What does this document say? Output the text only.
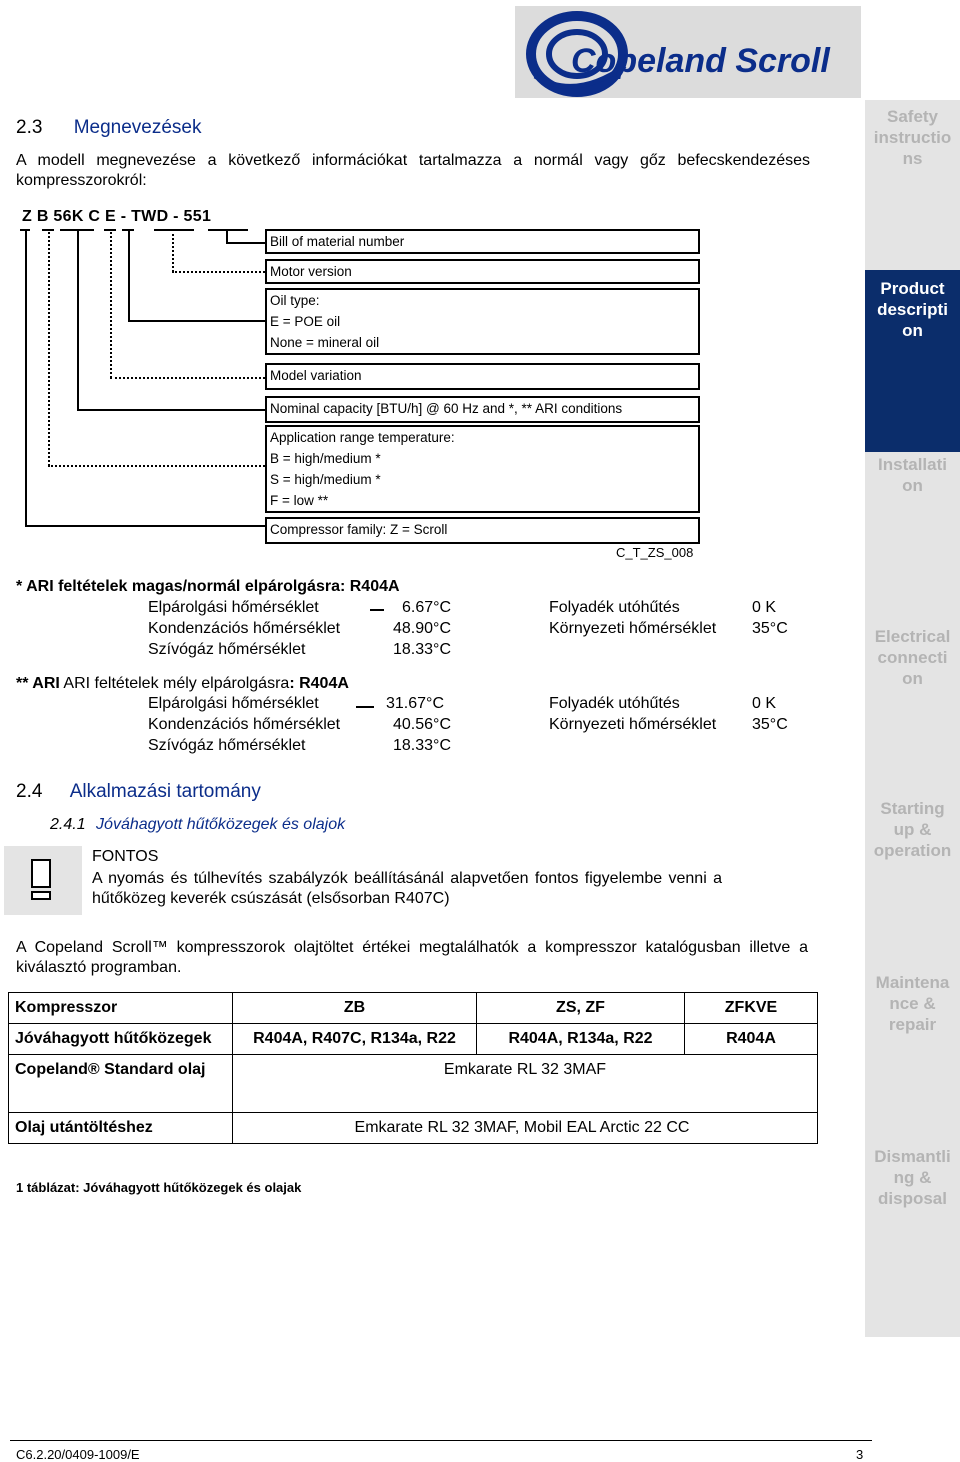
Copeland Scroll
Safety
instructio
ns
Product
descripti
on
Installati
on
Electrical
connecti
on
Starting
up &
operation
Maintena
nce &
repair
Dismantli
ng &
disposal
2.3 Megnevezések
A modell megnevezése a következő információkat tartalmazza a normál vagy gőz befecskendezéses kompresszorokról:
Z B 56K C E - TWD - 551
Bill of material number
Motor version
Oil type:
E = POE oil
None = mineral oil
Model variation
Nominal capacity [BTU/h] @ 60 Hz and *, ** ARI conditions
Application range temperature:
B = high/medium *
S = high/medium *
F = low **
Compressor family: Z = Scroll
C_T_ZS_008
* ARI feltételek magas/normál elpárolgásra: R404A
Elpárolgási hőmérséklet	6.67°C	Folyadék utóhűtés	0 K
Kondenzációs hőmérséklet	48.90°C	Környezeti hőmérséklet 35°C
Szívógáz hőmérséklet	18.33°C
** ARI ARI feltételek mély elpárolgásra: R404A
Elpárolgási hőmérséklet	31.67°C	Folyadék utóhűtés	0 K
Kondenzációs hőmérséklet	40.56°C	Környezeti hőmérséklet 35°C
Szívógáz hőmérséklet	18.33°C
2.4 Alkalmazási tartomány
2.4.1 Jóváhagyott hűtőközegek és olajok
FONTOS
A nyomás és túlhevítés szabályzók beállításánál alapvetően fontos figyelembe venni a hűtőközeg keverék csúszását (elsősorban R407C)
A Copeland Scroll™ kompresszorok olajtöltet értékei megtalálhatók a kompresszor katalógusban illetve a kiválasztó programban.
Kompresszor	ZB	ZS, ZF	ZFKVE
Jóváhagyott hűtőközegek	R404A, R407C, R134a, R22	R404A, R134a, R22	R404A
Copeland® Standard olaj	Emkarate RL 32 3MAF		
Olaj utántöltéshez	Emkarate RL 32 3MAF, Mobil EAL Arctic 22 CC		
1 táblázat: Jóváhagyott hűtőközegek és olajak
C6.2.20/0409-1009/E	3
